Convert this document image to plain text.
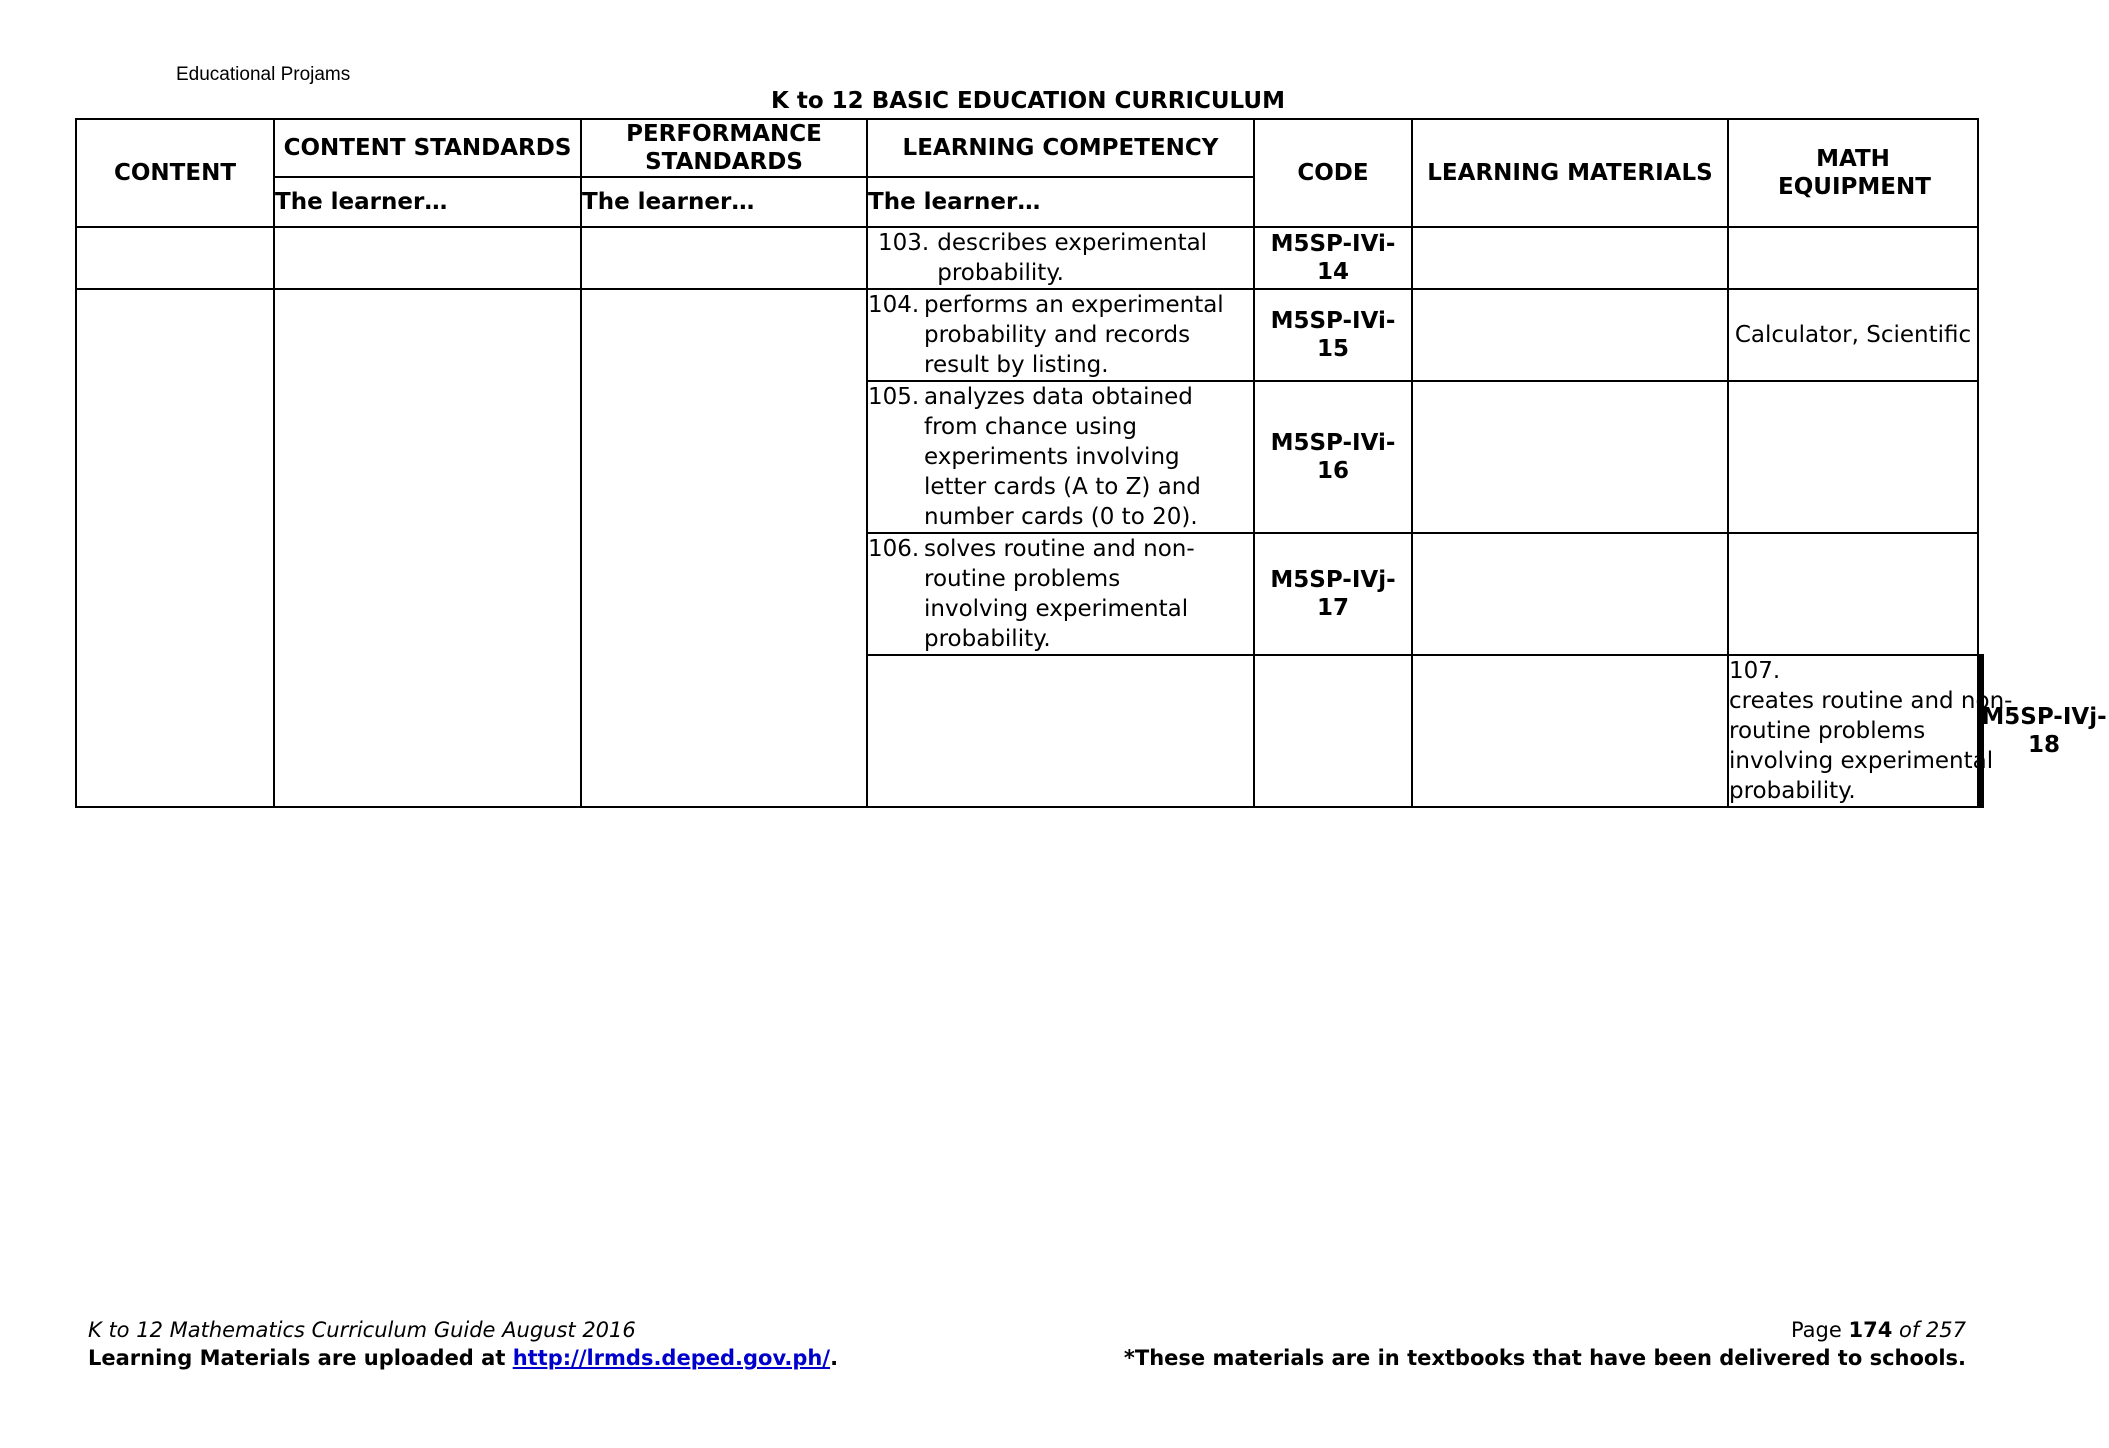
Educational Projams
K to 12 BASIC EDUCATION CURRICULUM
CONTENT	CONTENT STANDARDS	PERFORMANCE STANDARDS	LEARNING COMPETENCY	CODE	LEARNING MATERIALS	MATH EQUIPMENT		
	The learner…	The learner…	The learner…					
			103. describes experimental probability.	M5SP-IVi-14				
			104. performs an experimental probability and records result by listing.	M5SP-IVi-15		Calculator, Scientific		
			105. analyzes data obtained from chance using experiments involving letter cards (A to Z) and number cards (0 to 20).	M5SP-IVi-16				
			106. solves routine and non-routine problems involving experimental probability.	M5SP-IVj-17				
						107.creates routine and non-routine problems involving experimental probability.	M5SP-IVj-18		
K to 12 Mathematics Curriculum Guide August 2016
Learning Materials are uploaded at http://lrmds.deped.gov.ph/.
Page 174 of 257
*These materials are in textbooks that have been delivered to schools.
